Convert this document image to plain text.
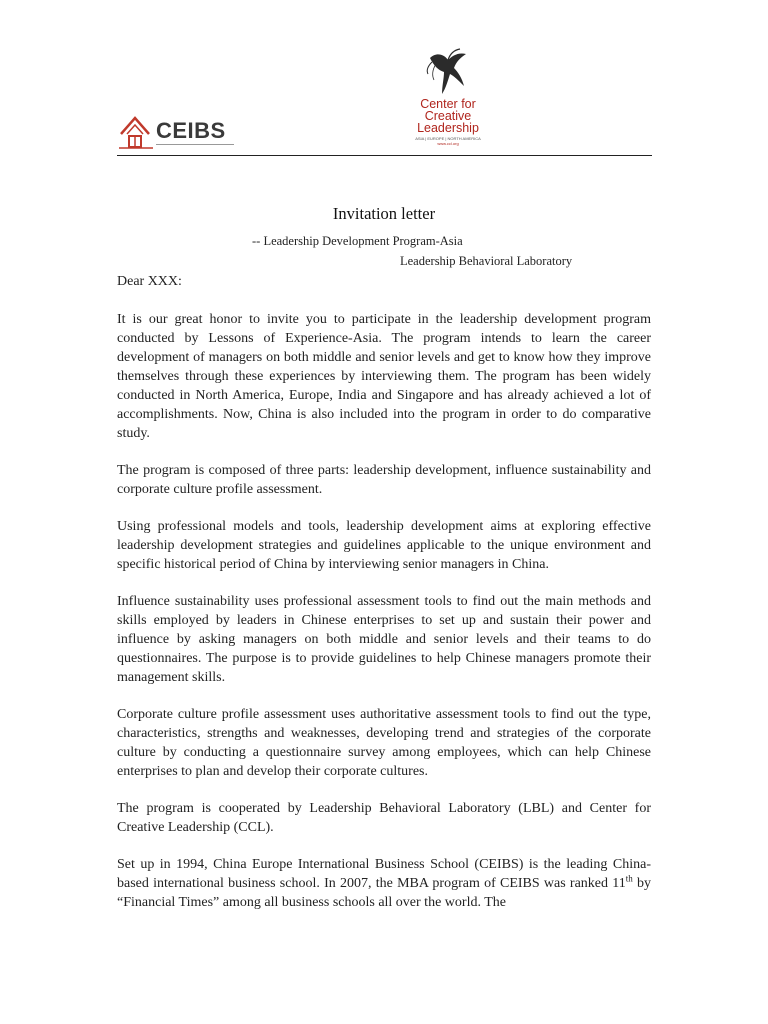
CEIBS
Center for
Creative
Leadership
ASIA | EUROPE | NORTH AMERICA
www.ccl.org
Invitation letter
-- Leadership Development Program-Asia
Leadership Behavioral Laboratory
Dear XXX:

It is our great honor to invite you to participate in the leadership development program conducted by Lessons of Experience-Asia. The program intends to learn the career development of managers on both middle and senior levels and get to know how they improve themselves through these experiences by interviewing them. The program has been widely conducted in North America, Europe, India and Singapore and has already achieved a lot of accomplishments. Now, China is also included into the program in order to do comparative study.

The program is composed of three parts: leadership development, influence sustainability and corporate culture profile assessment.

Using professional models and tools, leadership development aims at exploring effective leadership development strategies and guidelines applicable to the unique environment and specific historical period of China by interviewing senior managers in China.

Influence sustainability uses professional assessment tools to find out the main methods and skills employed by leaders in Chinese enterprises to set up and sustain their power and influence by asking managers on both middle and senior levels and their teams to do questionnaires. The purpose is to provide guidelines to help Chinese managers promote their management skills.

Corporate culture profile assessment uses authoritative assessment tools to find out the type, characteristics, strengths and weaknesses, developing trend and strategies of the corporate culture by conducting a questionnaire survey among employees, which can help Chinese enterprises to plan and develop their corporate cultures.

The program is cooperated by Leadership Behavioral Laboratory (LBL) and Center for Creative Leadership (CCL).

Set up in 1994, China Europe International Business School (CEIBS) is the leading China-based international business school. In 2007, the MBA program of CEIBS was ranked 11th by “Financial Times” among all business schools all over the world. The
